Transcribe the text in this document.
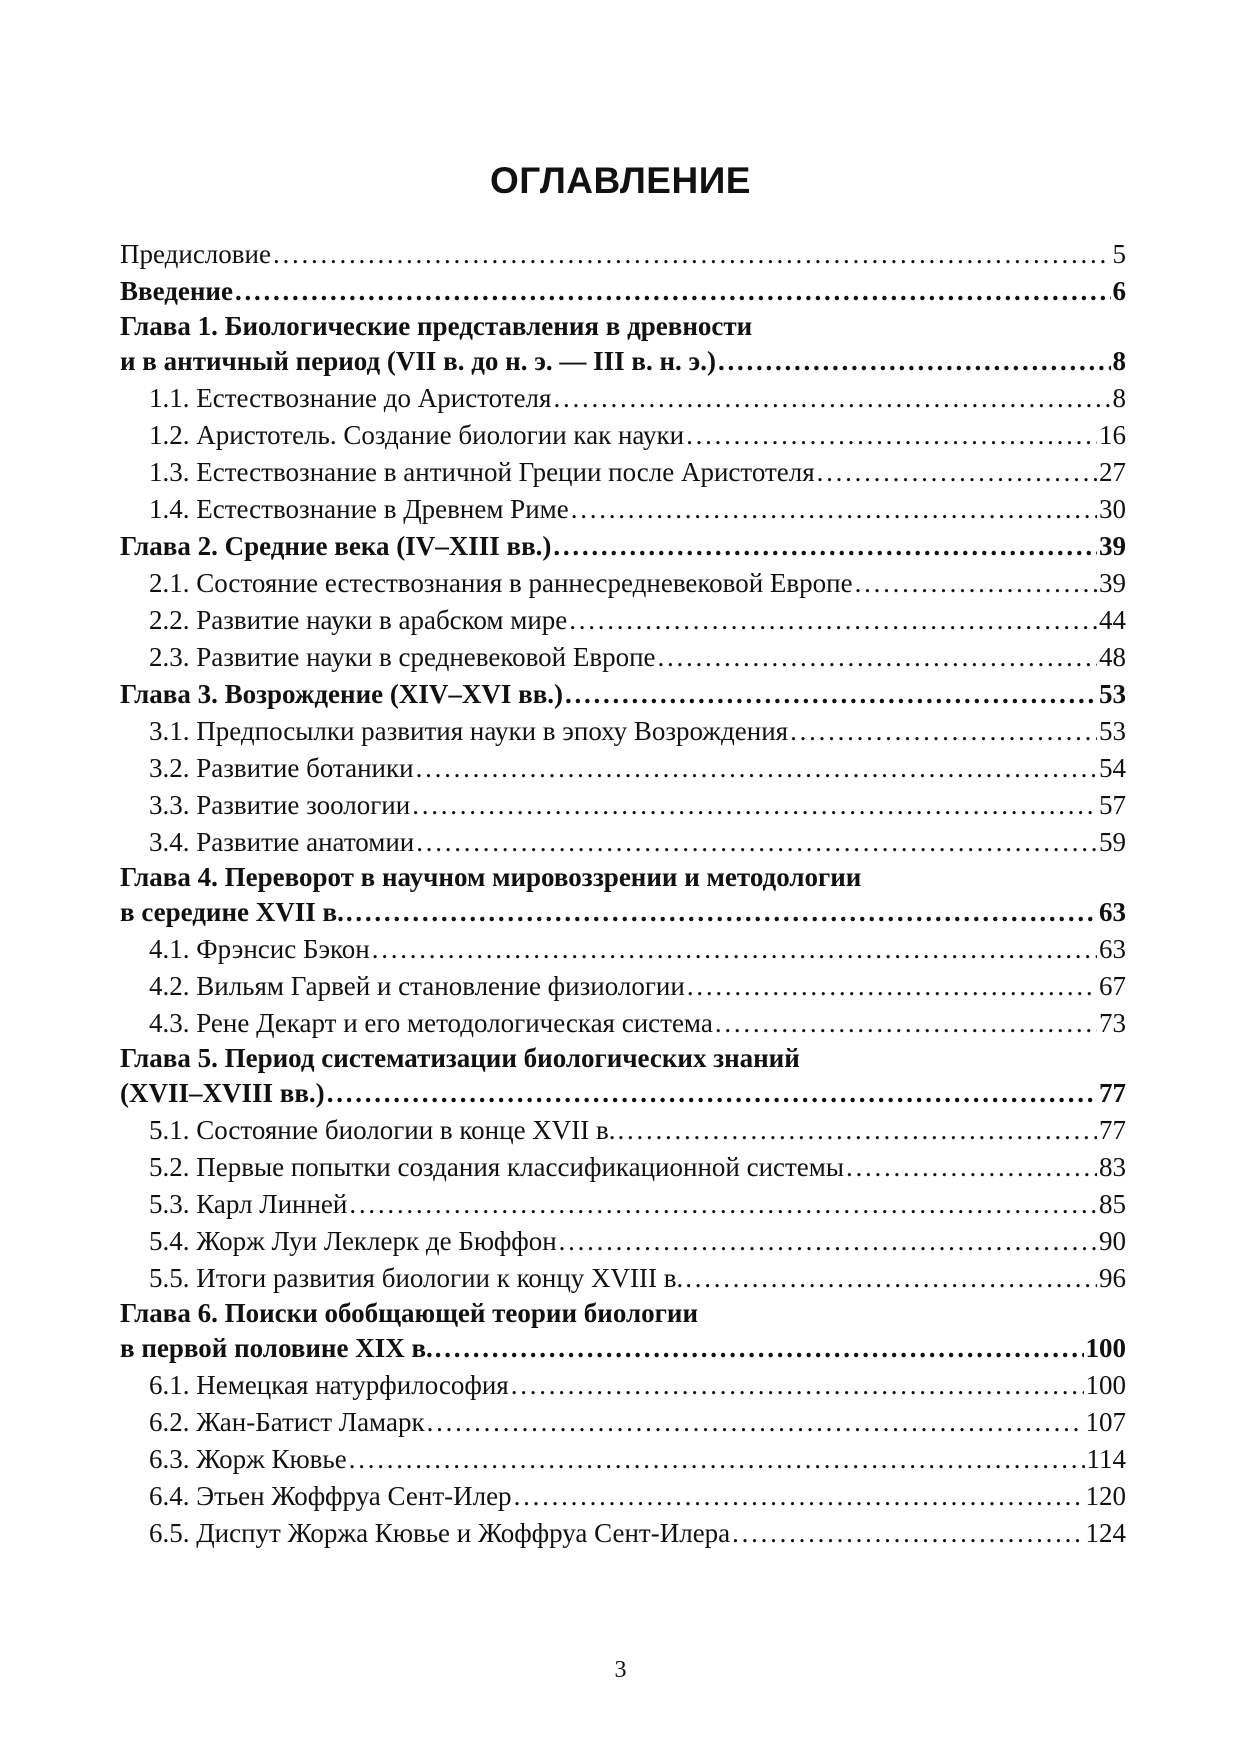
ОГЛАВЛЕНИЕ
Предисловие . . .	5
Введение . . .	6
Глава 1. Биологические представления в древности
и в античный период (VII в. до н. э. — III в. н. э.) . . .	8
1.1. Естествознание до Аристотеля . . .	8
1.2. Аристотель. Создание биологии как науки . . .	16
1.3. Естествознание в античной Греции после Аристотеля . . .	27
1.4. Естествознание в Древнем Риме . . .	30
Глава 2. Средние века (IV–XIII вв.) . . .	39
2.1. Состояние естествознания в раннесредневековой Европе . . .	39
2.2. Развитие науки в арабском мире . . .	44
2.3. Развитие науки в средневековой Европе . . .	48
Глава 3. Возрождение (XIV–XVI вв.) . . .	53
3.1. Предпосылки развития науки в эпоху Возрождения . . .	53
3.2. Развитие ботаники . . .	54
3.3. Развитие зоологии . . .	57
3.4. Развитие анатомии . . .	59
Глава 4. Переворот в научном мировоззрении и методологии
в середине XVII в. . . .	63
4.1. Фрэнсис Бэкон . . .	63
4.2. Вильям Гарвей и становление физиологии . . .	67
4.3. Рене Декарт и его методологическая система . . .	73
Глава 5. Период систематизации биологических знаний
(XVII–XVIII вв.) . . .	77
5.1. Состояние биологии в конце XVII в. . . .	77
5.2. Первые попытки создания классификационной системы . . .	83
5.3. Карл Линней . . .	85
5.4. Жорж Луи Леклерк де Бюффон . . .	90
5.5. Итоги развития биологии к концу XVIII в. . . .	96
Глава 6. Поиски обобщающей теории биологии
в первой половине XIX в. . . .	100
6.1. Немецкая натурфилософия . . .	100
6.2. Жан-Батист Ламарк . . .	107
6.3. Жорж Кювье . . .	114
6.4. Этьен Жоффруа Сент-Илер . . .	120
6.5. Диспут Жоржа Кювье и Жоффруа Сент-Илера . . .	124
3
